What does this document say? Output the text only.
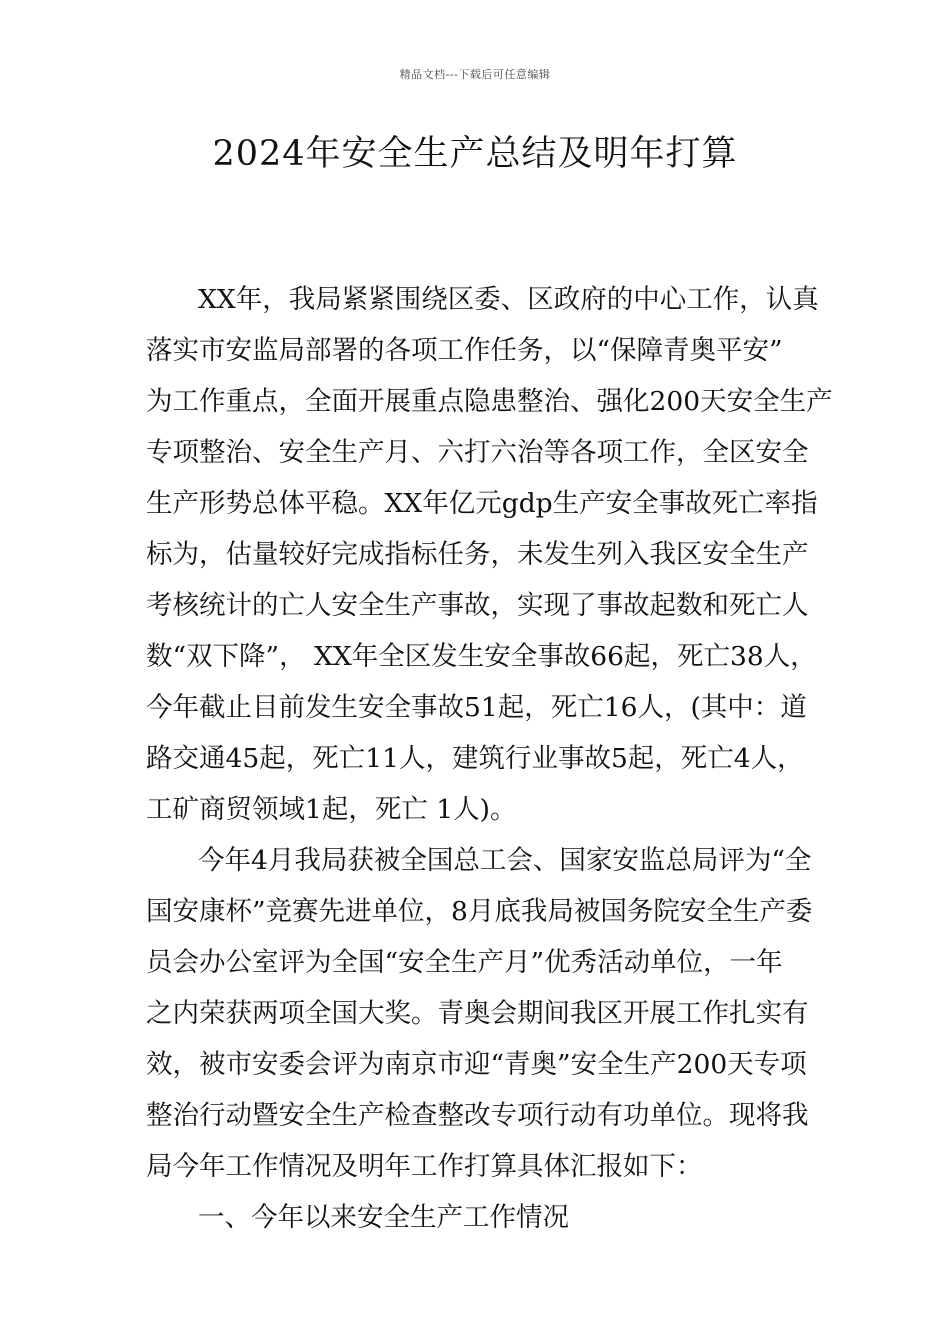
精品文档---下载后可任意编辑
2024年安全生产总结及明年打算
XX年，我局紧紧围绕区委、区政府的中心工作，认真
落实市安监局部署的各项工作任务，以“保障青奥平安”
为工作重点，全面开展重点隐患整治、强化200天安全生产
专项整治、安全生产月、六打六治等各项工作，全区安全
生产形势总体平稳。XX年亿元gdp生产安全事故死亡率指
标为，估量较好完成指标任务，未发生列入我区安全生产
考核统计的亡人安全生产事故，实现了事故起数和死亡人
数“双下降”， XX年全区发生安全事故66起，死亡38人，
今年截止目前发生安全事故51起，死亡16人，(其中：道
路交通45起，死亡11人，建筑行业事故5起，死亡4人，
工矿商贸领域1起，死亡 1人)。
今年4月我局获被全国总工会、国家安监总局评为“全
国安康杯”竞赛先进单位，8月底我局被国务院安全生产委
员会办公室评为全国“安全生产月”优秀活动单位，一年
之内荣获两项全国大奖。青奥会期间我区开展工作扎实有
效，被市安委会评为南京市迎“青奥”安全生产200天专项
整治行动暨安全生产检查整改专项行动有功单位。现将我
局今年工作情况及明年工作打算具体汇报如下：
一、今年以来安全生产工作情况
